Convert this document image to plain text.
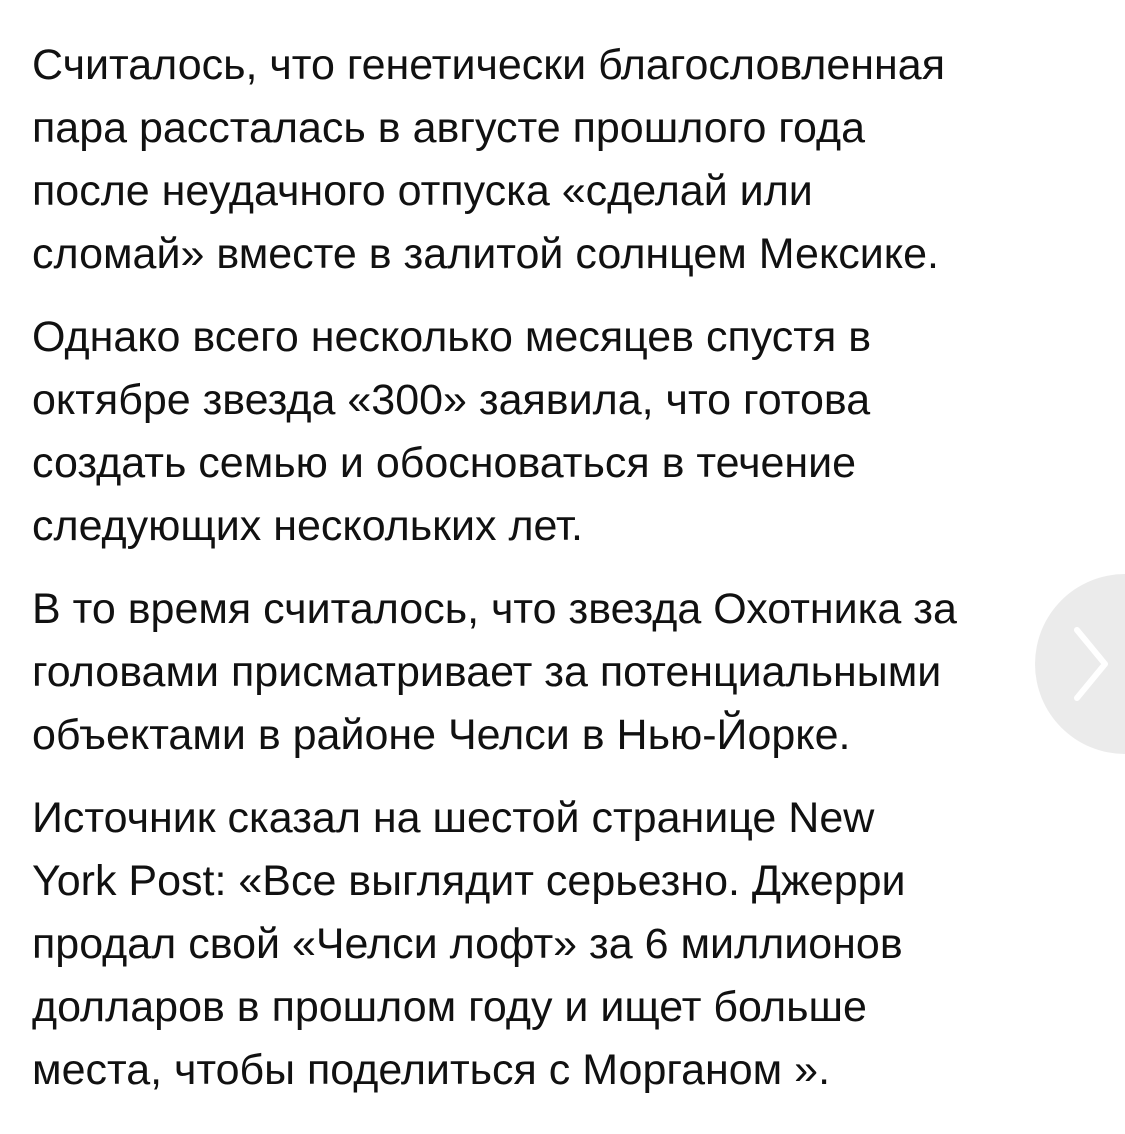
Считалось, что генетически благословленная
пара рассталась в августе прошлого года
после неудачного отпуска «сделай или
сломай» вместе в залитой солнцем Мексике.

Однако всего несколько месяцев спустя в
октябре звезда «300» заявила, что готова
создать семью и обосноваться в течение
следующих нескольких лет.

В то время считалось, что звезда Охотника за
головами присматривает за потенциальными
объектами в районе Челси в Нью-Йорке.

Источник сказал на шестой странице New
York Post: «Все выглядит серьезно. Джерри
продал свой «Челси лофт» за 6 миллионов
долларов в прошлом году и ищет больше
места, чтобы поделиться с Морганом ».
